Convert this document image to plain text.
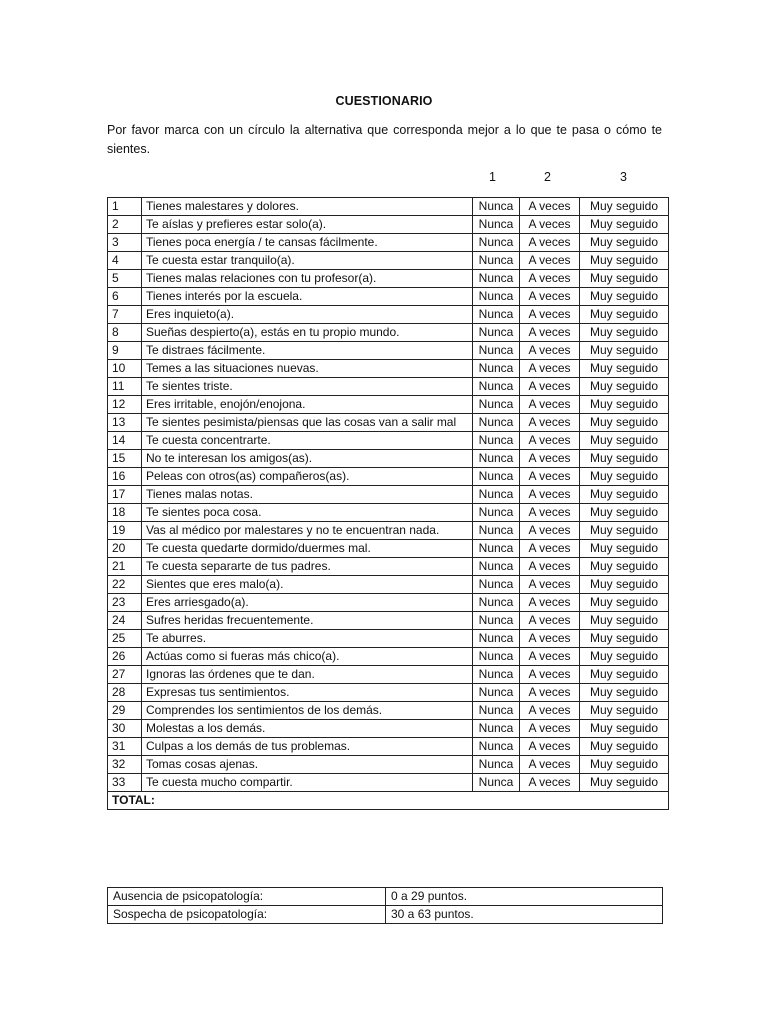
CUESTIONARIO
Por favor marca con un círculo la alternativa que corresponda mejor a lo que te pasa o cómo te sientes.
1	2	3
1	Tienes malestares y dolores.	Nunca	A veces	Muy seguido
2	Te aíslas y prefieres estar solo(a).	Nunca	A veces	Muy seguido
3	Tienes poca energía / te cansas fácilmente.	Nunca	A veces	Muy seguido
4	Te cuesta estar tranquilo(a).	Nunca	A veces	Muy seguido
5	Tienes malas relaciones con tu profesor(a).	Nunca	A veces	Muy seguido
6	Tienes interés por la escuela.	Nunca	A veces	Muy seguido
7	Eres inquieto(a).	Nunca	A veces	Muy seguido
8	Sueñas despierto(a), estás en tu propio mundo.	Nunca	A veces	Muy seguido
9	Te distraes fácilmente.	Nunca	A veces	Muy seguido
10	Temes a las situaciones nuevas.	Nunca	A veces	Muy seguido
11	Te sientes triste.	Nunca	A veces	Muy seguido
12	Eres irritable, enojón/enojona.	Nunca	A veces	Muy seguido
13	Te sientes pesimista/piensas que las cosas van a salir mal	Nunca	A veces	Muy seguido
14	Te cuesta concentrarte.	Nunca	A veces	Muy seguido
15	No te interesan los amigos(as).	Nunca	A veces	Muy seguido
16	Peleas con otros(as) compañeros(as).	Nunca	A veces	Muy seguido
17	Tienes malas notas.	Nunca	A veces	Muy seguido
18	Te sientes poca cosa.	Nunca	A veces	Muy seguido
19	Vas al médico por malestares y no te encuentran nada.	Nunca	A veces	Muy seguido
20	Te cuesta quedarte dormido/duermes mal.	Nunca	A veces	Muy seguido
21	Te cuesta separarte de tus padres.	Nunca	A veces	Muy seguido
22	Sientes que eres malo(a).	Nunca	A veces	Muy seguido
23	Eres arriesgado(a).	Nunca	A veces	Muy seguido
24	Sufres heridas frecuentemente.	Nunca	A veces	Muy seguido
25	Te aburres.	Nunca	A veces	Muy seguido
26	Actúas como si fueras más chico(a).	Nunca	A veces	Muy seguido
27	Ignoras las órdenes que te dan.	Nunca	A veces	Muy seguido
28	Expresas tus sentimientos.	Nunca	A veces	Muy seguido
29	Comprendes los sentimientos de los demás.	Nunca	A veces	Muy seguido
30	Molestas a los demás.	Nunca	A veces	Muy seguido
31	Culpas a los demás de tus problemas.	Nunca	A veces	Muy seguido
32	Tomas cosas ajenas.	Nunca	A veces	Muy seguido
33	Te cuesta mucho compartir.	Nunca	A veces	Muy seguido
TOTAL:				
Ausencia de psicopatología:	0 a 29 puntos.
Sospecha de psicopatología:	30 a 63 puntos.
